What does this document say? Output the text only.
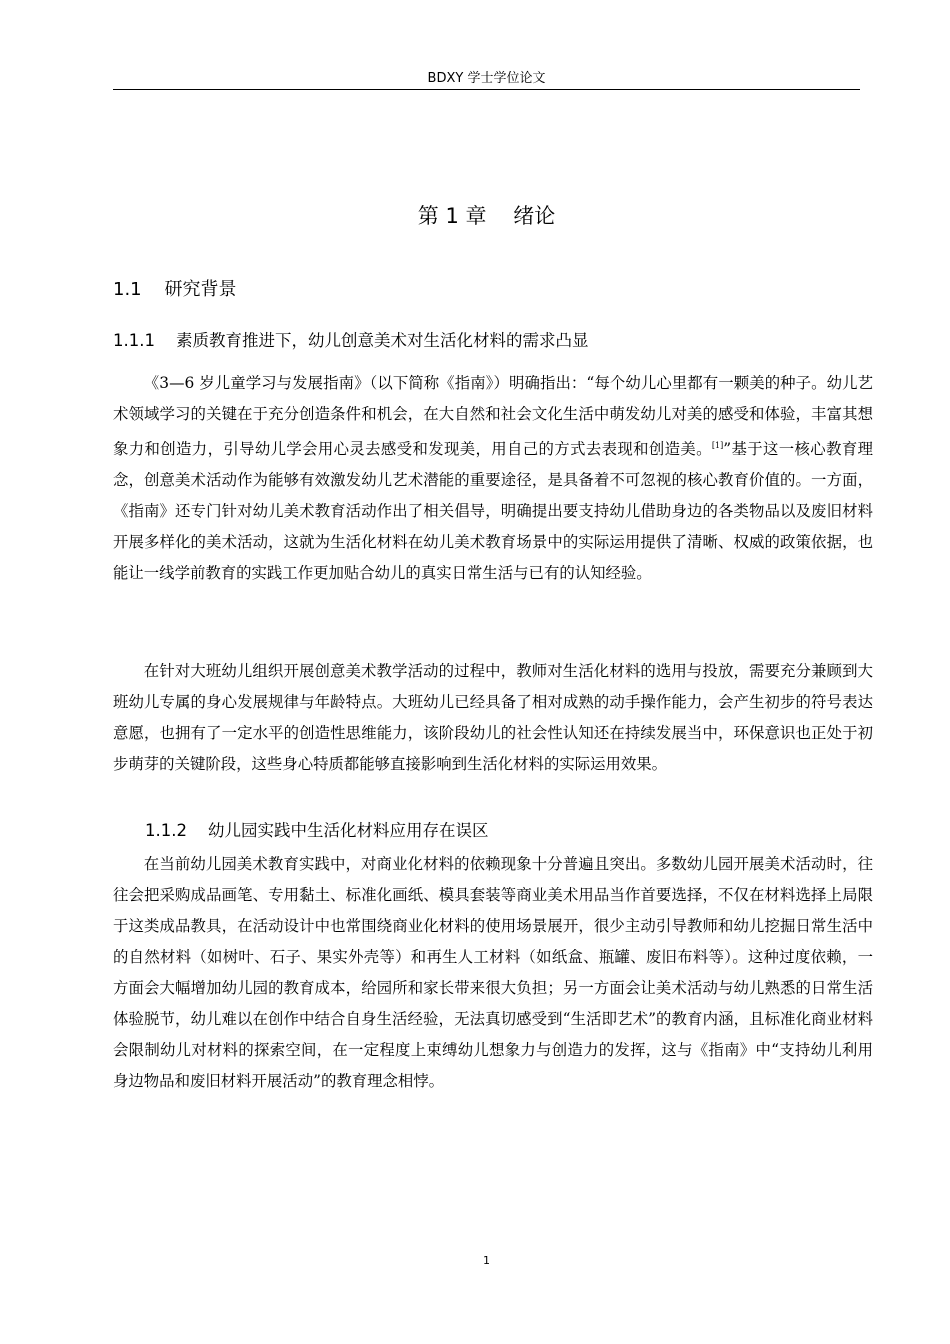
BDXY 学士学位论文
第 1 章    绪论
1.1    研究背景
1.1.1    素质教育推进下，幼儿创意美术对生活化材料的需求凸显

《3—6 岁儿童学习与发展指南》（以下简称《指南》）明确指出：“每个幼儿心里都有一颗美的种子。幼儿艺术领域学习的关键在于充分创造条件和机会，在大自然和社会文化生活中萌发幼儿对美的感受和体验，丰富其想象力和创造力，引导幼儿学会用心灵去感受和发现美，用自己的方式去表现和创造美。[1]”基于这一核心教育理念，创意美术活动作为能够有效激发幼儿艺术潜能的重要途径，是具备着不可忽视的核心教育价值的。一方面，《指南》还专门针对幼儿美术教育活动作出了相关倡导，明确提出要支持幼儿借助身边的各类物品以及废旧材料开展多样化的美术活动，这就为生活化材料在幼儿美术教育场景中的实际运用提供了清晰、权威的政策依据，也能让一线学前教育的实践工作更加贴合幼儿的真实日常生活与已有的认知经验。

在针对大班幼儿组织开展创意美术教学活动的过程中，教师对生活化材料的选用与投放，需要充分兼顾到大班幼儿专属的身心发展规律与年龄特点。大班幼儿已经具备了相对成熟的动手操作能力，会产生初步的符号表达意愿，也拥有了一定水平的创造性思维能力，该阶段幼儿的社会性认知还在持续发展当中，环保意识也正处于初步萌芽的关键阶段，这些身心特质都能够直接影响到生活化材料的实际运用效果。

1.1.2    幼儿园实践中生活化材料应用存在误区

在当前幼儿园美术教育实践中，对商业化材料的依赖现象十分普遍且突出。多数幼儿园开展美术活动时，往往会把采购成品画笔、专用黏土、标准化画纸、模具套装等商业美术用品当作首要选择，不仅在材料选择上局限于这类成品教具，在活动设计中也常围绕商业化材料的使用场景展开，很少主动引导教师和幼儿挖掘日常生活中的自然材料（如树叶、石子、果实外壳等）和再生人工材料（如纸盒、瓶罐、废旧布料等）。这种过度依赖，一方面会大幅增加幼儿园的教育成本，给园所和家长带来很大负担；另一方面会让美术活动与幼儿熟悉的日常生活体验脱节，幼儿难以在创作中结合自身生活经验，无法真切感受到“生活即艺术”的教育内涵，且标准化商业材料会限制幼儿对材料的探索空间，在一定程度上束缚幼儿想象力与创造力的发挥，这与《指南》中“支持幼儿利用身边物品和废旧材料开展活动”的教育理念相悖。

1
